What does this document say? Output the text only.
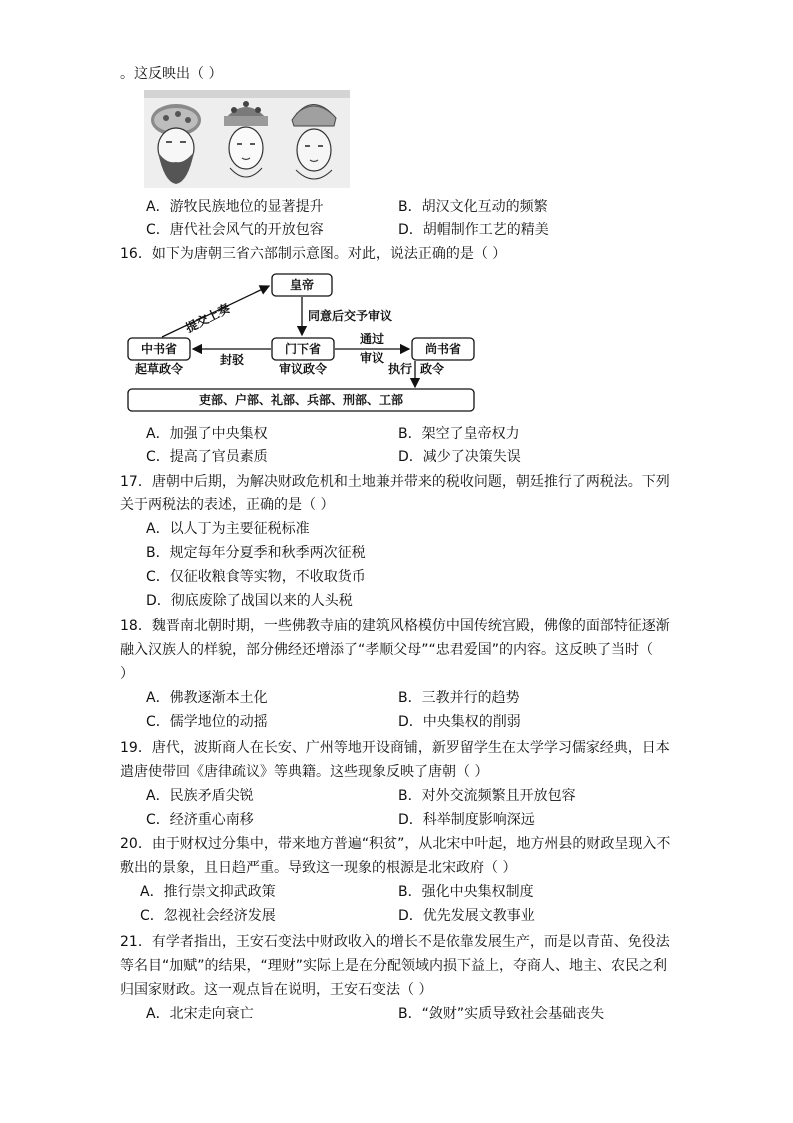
。这反映出（ ）
A．游牧民族地位的显著提升	B．胡汉文化互动的频繁
C．唐代社会风气的开放包容	D．胡帽制作工艺的精美
16．如下为唐朝三省六部制示意图。对此，说法正确的是（ ）
皇帝
中书省	门下省	尚书省
吏部、户部、礼部、兵部、刑部、工部
提交上奏	同意后交予审议
封驳
通过
审议
起草政令	审议政令	执行 政令
A．加强了中央集权	B．架空了皇帝权力
C．提高了官员素质	D．减少了决策失误
17．唐朝中后期，为解决财政危机和土地兼并带来的税收问题，朝廷推行了两税法。下列
关于两税法的表述，正确的是（ ）
A．以人丁为主要征税标准
B．规定每年分夏季和秋季两次征税
C．仅征收粮食等实物，不收取货币
D．彻底废除了战国以来的人头税
18．魏晋南北朝时期，一些佛教寺庙的建筑风格模仿中国传统宫殿，佛像的面部特征逐渐
融入汉族人的样貌，部分佛经还增添了“孝顺父母”“忠君爱国”的内容。这反映了当时（
）
A．佛教逐渐本土化	B．三教并行的趋势
C．儒学地位的动摇	D．中央集权的削弱
19．唐代，波斯商人在长安、广州等地开设商铺，新罗留学生在太学学习儒家经典，日本
遣唐使带回《唐律疏议》等典籍。这些现象反映了唐朝（ ）
A．民族矛盾尖锐	B．对外交流频繁且开放包容
C．经济重心南移	D．科举制度影响深远
20．由于财权过分集中，带来地方普遍“积贫”，从北宋中叶起，地方州县的财政呈现入不
敷出的景象，且日趋严重。导致这一现象的根源是北宋政府（ ）
A．推行崇文抑武政策	B．强化中央集权制度
C．忽视社会经济发展	D．优先发展文教事业
21．有学者指出，王安石变法中财政收入的增长不是依靠发展生产，而是以青苗、免役法
等名目“加赋”的结果，“理财”实际上是在分配领域内损下益上，夺商人、地主、农民之利
归国家财政。这一观点旨在说明，王安石变法（ ）
A．北宋走向衰亡	B．“敛财”实质导致社会基础丧失
